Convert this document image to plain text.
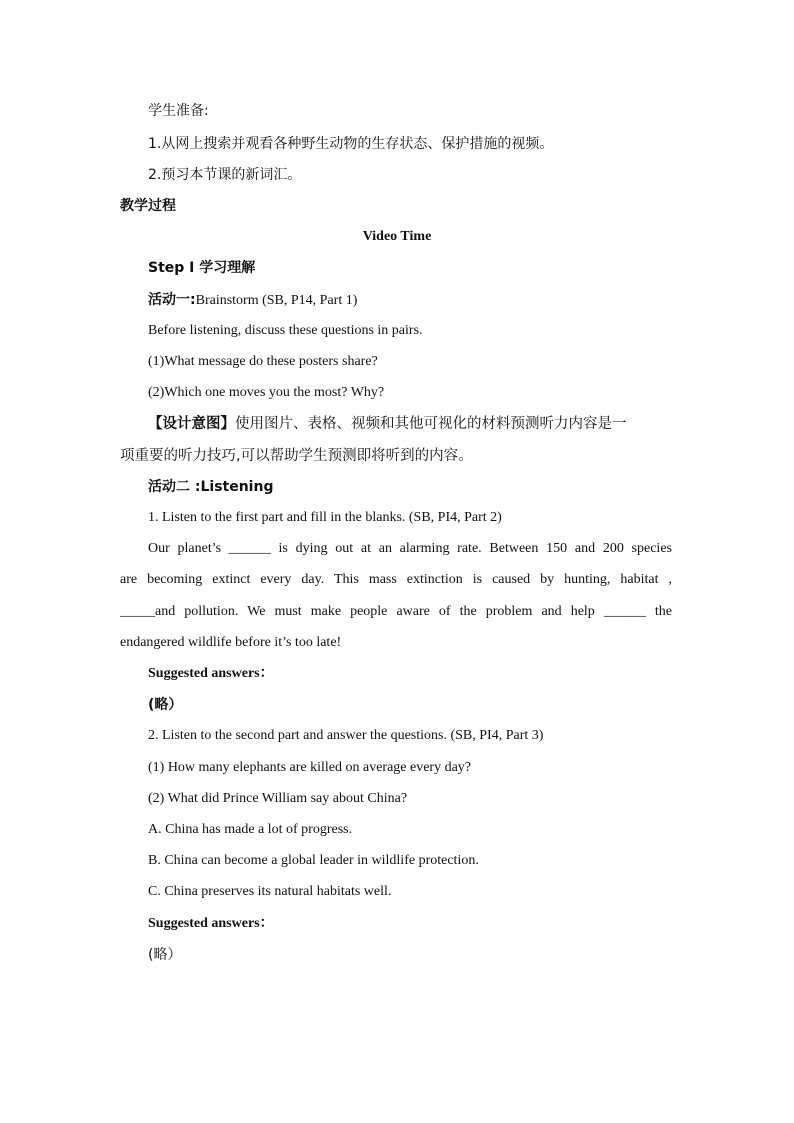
学生准备:
1.从网上搜索并观看各种野生动物的生存状态、保护措施的视频。
2.预习本节课的新词汇。
教学过程
Video Time
Step I 学习理解
活动一:Brainstorm (SB, P14, Part 1)
Before listening, discuss these questions in pairs.
(1)What message do these posters share?
(2)Which one moves you the most? Why?
【设计意图】使用图片、表格、视频和其他可视化的材料预测听力内容是一
项重要的听力技巧,可以帮助学生预测即将听到的内容。
活动二 :Listening
1. Listen to the first part and fill in the blanks. (SB, PI4, Part 2)
Our planet’s ______ is dying out at an alarming rate. Between 150 and 200 species
are becoming extinct every day. This mass extinction is caused by hunting, habitat ,
_____and pollution. We must make people aware of the problem and help ______ the
endangered wildlife before it’s too late!
Suggested answers：
(略）
2. Listen to the second part and answer the questions. (SB, PI4, Part 3)
(1) How many elephants are killed on average every day?
(2) What did Prince William say about China?
A. China has made a lot of progress.
B. China can become a global leader in wildlife protection.
C. China preserves its natural habitats well.
Suggested answers：
(略）
